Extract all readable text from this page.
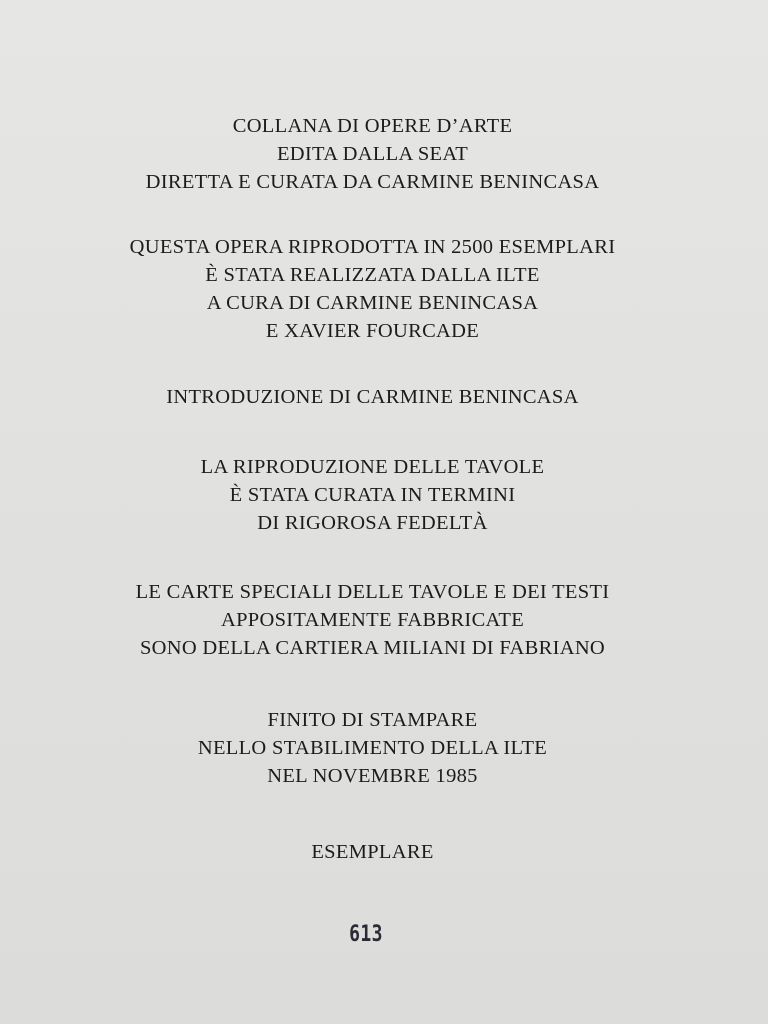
COLLANA DI OPERE D’ARTE
EDITA DALLA SEAT
DIRETTA E CURATA DA CARMINE BENINCASA
QUESTA OPERA RIPRODOTTA IN 2500 ESEMPLARI
È STATA REALIZZATA DALLA ILTE
A CURA DI CARMINE BENINCASA
E XAVIER FOURCADE
INTRODUZIONE DI CARMINE BENINCASA
LA RIPRODUZIONE DELLE TAVOLE
È STATA CURATA IN TERMINI
DI RIGOROSA FEDELTÀ
LE CARTE SPECIALI DELLE TAVOLE E DEI TESTI
APPOSITAMENTE FABBRICATE
SONO DELLA CARTIERA MILIANI DI FABRIANO
FINITO DI STAMPARE
NELLO STABILIMENTO DELLA ILTE
NEL NOVEMBRE 1985
ESEMPLARE
613
